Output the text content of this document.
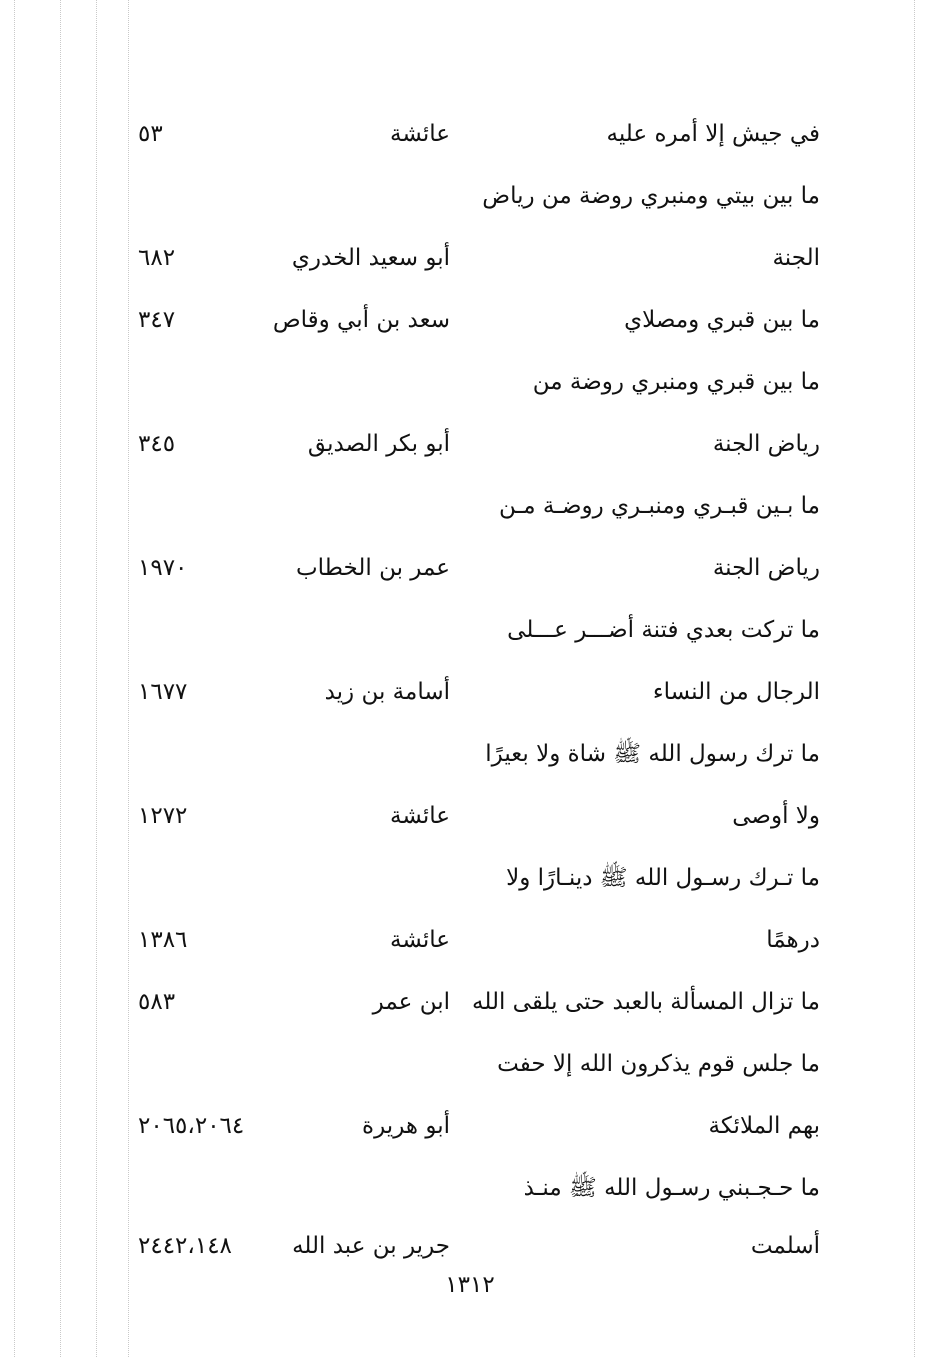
في جيش إلا أمره عليه
عائشة
٥٣
ما بين بيتي ومنبري روضة من رياض
الجنة
أبو سعيد الخدري
٦٨٢
ما بين قبري ومصلاي
سعد بن أبي وقاص
٣٤٧
ما بين قبري ومنبري روضة من
رياض الجنة
أبو بكر الصديق
٣٤٥
ما بـين قبـري ومنبـري روضـة مـن
رياض الجنة
عمر بن الخطاب
١٩٧٠
ما تركت بعدي فتنة أضـــر عـــلى
الرجال من النساء
أسامة بن زيد
١٦٧٧
ما ترك رسول الله ﷺ شاة ولا بعيرًا
ولا أوصى
عائشة
١٢٧٢
ما تـرك رسـول الله ﷺ دينـارًا ولا
درهمًا
عائشة
١٣٨٦
ما تزال المسألة بالعبد حتى يلقى الله
ابن عمر
٥٨٣
ما جلس قوم يذكرون الله إلا حفت
بهم الملائكة
أبو هريرة
٢٠٦٥،٢٠٦٤
ما حـجـبني رسـول الله ﷺ منـذ
أسلمت
جرير بن عبد الله
٢٤٤٢،١٤٨
١٣١٢
